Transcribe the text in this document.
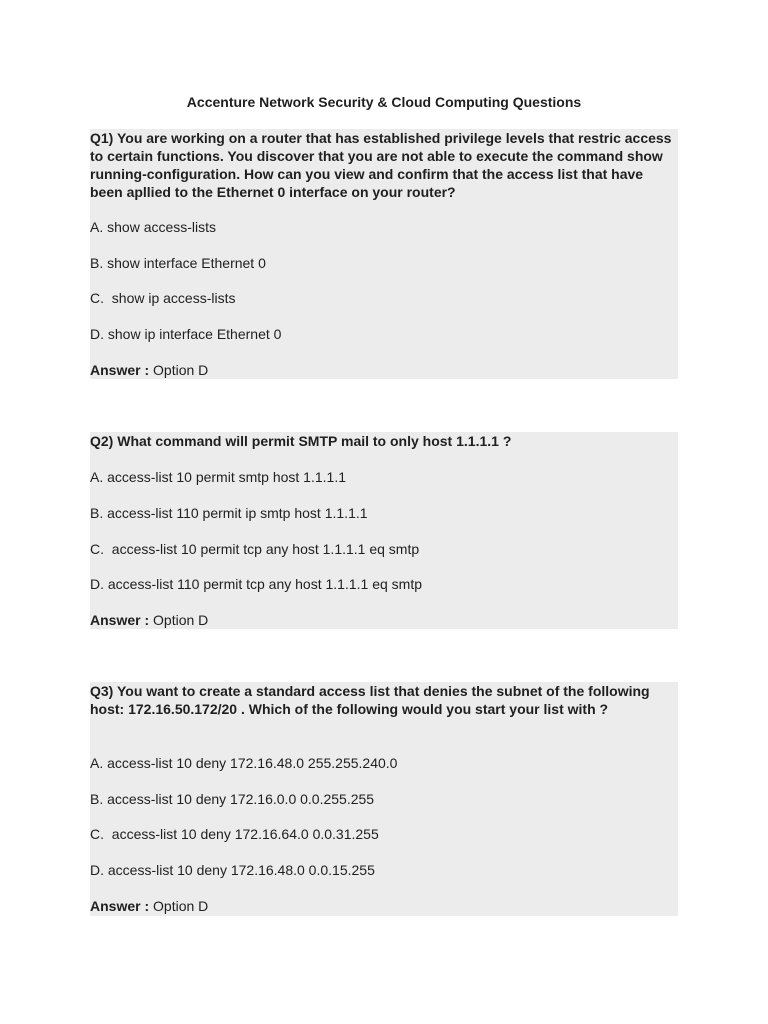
Accenture Network Security & Cloud Computing Questions
Q1) You are working on a router that has established privilege levels that restric access to certain functions. You discover that you are not able to execute the command show running-configuration. How can you view and confirm that the access list that have been apllied to the Ethernet 0 interface on your router?
A. show access-lists
B. show interface Ethernet 0
C.  show ip access-lists
D. show ip interface Ethernet 0
Answer : Option D
Q2) What command will permit SMTP mail to only host 1.1.1.1 ?
A. access-list 10 permit smtp host 1.1.1.1
B. access-list 110 permit ip smtp host 1.1.1.1
C.  access-list 10 permit tcp any host 1.1.1.1 eq smtp
D. access-list 110 permit tcp any host 1.1.1.1 eq smtp
Answer : Option D
Q3) You want to create a standard access list that denies the subnet of the following host: 172.16.50.172/20 . Which of the following would you start your list with ?
A. access-list 10 deny 172.16.48.0 255.255.240.0
B. access-list 10 deny 172.16.0.0 0.0.255.255
C.  access-list 10 deny 172.16.64.0 0.0.31.255
D. access-list 10 deny 172.16.48.0 0.0.15.255
Answer : Option D
